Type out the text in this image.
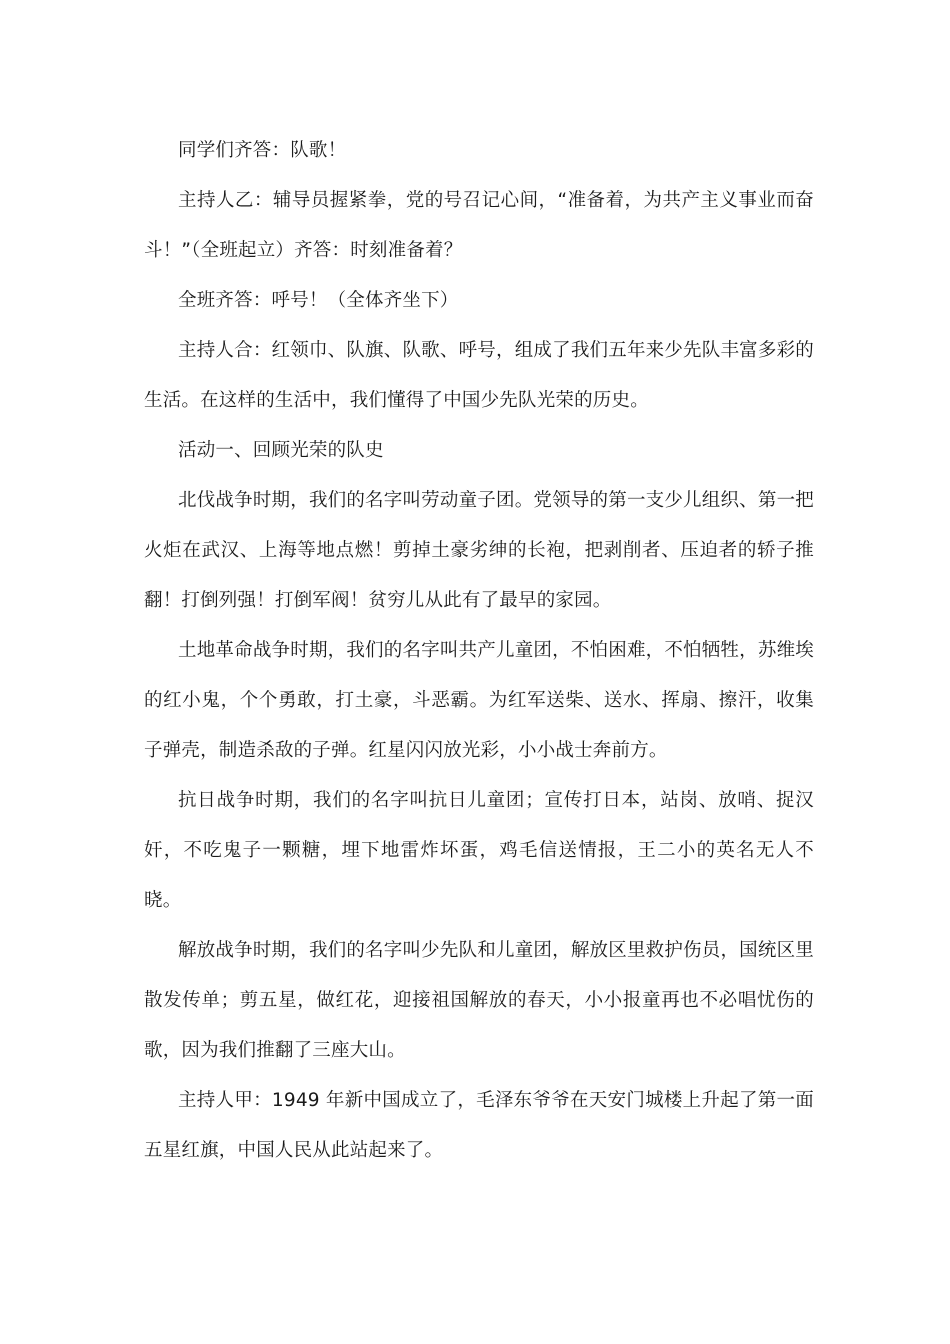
同学们齐答：队歌！

主持人乙：辅导员握紧拳，党的号召记心间，“准备着，为共产主义事业而奋斗！”（全班起立）齐答：时刻准备着？

全班齐答：呼号！（全体齐坐下）

主持人合：红领巾、队旗、队歌、呼号，组成了我们五年来少先队丰富多彩的生活。在这样的生活中，我们懂得了中国少先队光荣的历史。

活动一、回顾光荣的队史

北伐战争时期，我们的名字叫劳动童子团。党领导的第一支少儿组织、第一把火炬在武汉、上海等地点燃！剪掉土豪劣绅的长袍，把剥削者、压迫者的轿子推翻！打倒列强！打倒军阀！贫穷儿从此有了最早的家园。

土地革命战争时期，我们的名字叫共产儿童团，不怕困难，不怕牺牲，苏维埃的红小鬼，个个勇敢，打土豪，斗恶霸。为红军送柴、送水、挥扇、擦汗，收集子弹壳，制造杀敌的子弹。红星闪闪放光彩，小小战士奔前方。

抗日战争时期，我们的名字叫抗日儿童团；宣传打日本，站岗、放哨、捉汉奸，不吃鬼子一颗糖，埋下地雷炸坏蛋，鸡毛信送情报，王二小的英名无人不晓。

解放战争时期，我们的名字叫少先队和儿童团，解放区里救护伤员，国统区里散发传单；剪五星，做红花，迎接祖国解放的春天，小小报童再也不必唱忧伤的歌，因为我们推翻了三座大山。

主持人甲：1949 年新中国成立了，毛泽东爷爷在天安门城楼上升起了第一面五星红旗，中国人民从此站起来了。
